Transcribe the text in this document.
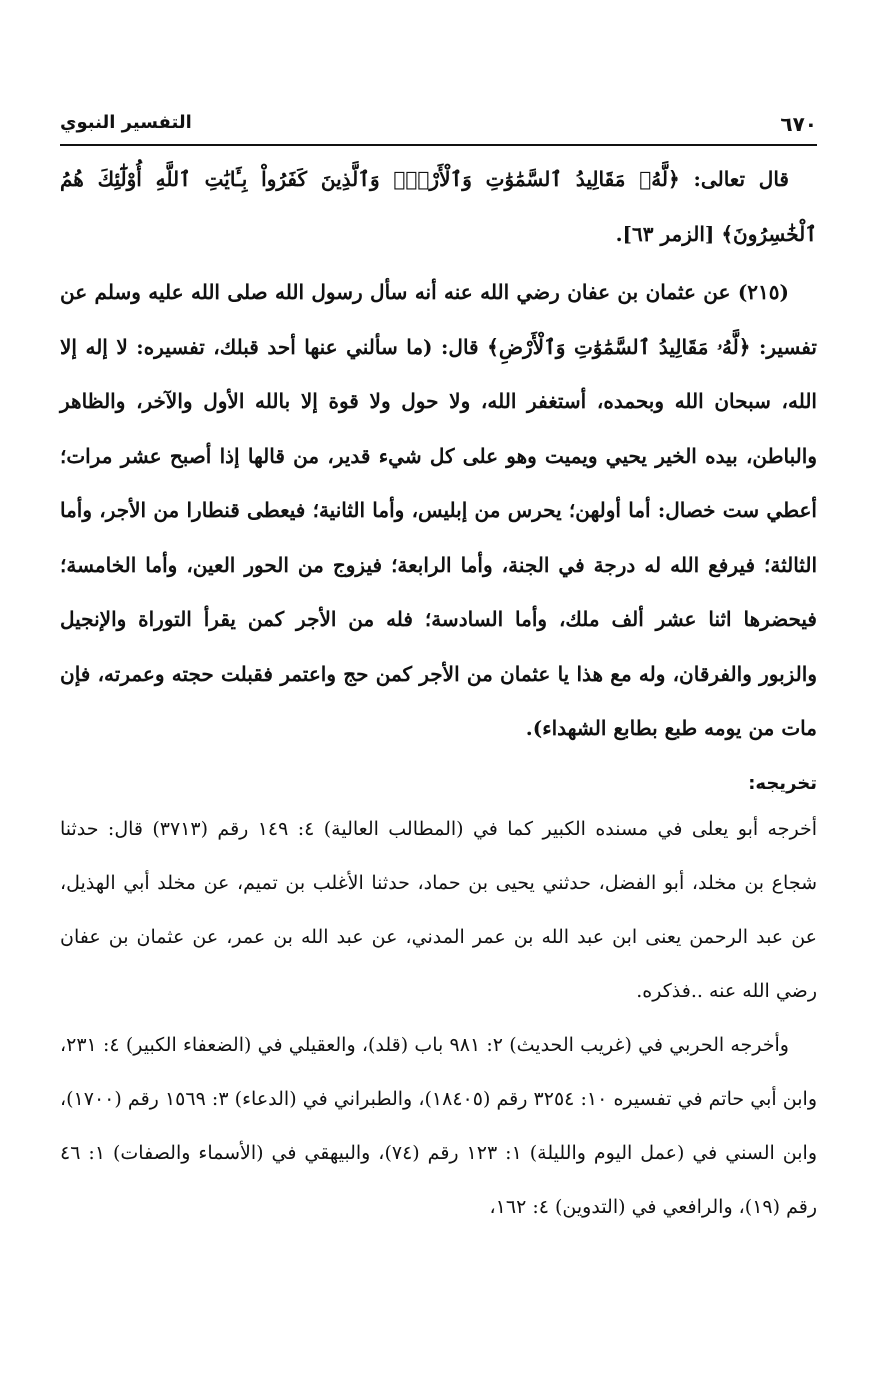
٦٧٠
التفسير النبوي

قال تعالى: ﴿لَّهُۥ مَقَالِيدُ ٱلسَّمَٰوَٰتِ وَٱلْأَرْضِۗ وَٱلَّذِينَ كَفَرُواْ بِـَٔايَٰتِ ٱللَّهِ أُوْلَٰٓئِكَ هُمُ ٱلْخَٰسِرُونَ﴾ [الزمر ٦٣].

(٢١٥) عن عثمان بن عفان رضي الله عنه أنه سأل رسول الله صلى الله عليه وسلم عن تفسير: ﴿لَّهُۥ مَقَالِيدُ ٱلسَّمَٰوَٰتِ وَٱلْأَرْضِ﴾ قال: (ما سألني عنها أحد قبلك، تفسيره: لا إله إلا الله، سبحان الله وبحمده، أستغفر الله، ولا حول ولا قوة إلا بالله الأول والآخر، والظاهر والباطن، بيده الخير يحيي ويميت وهو على كل شيء قدير، من قالها إذا أصبح عشر مرات؛ أعطي ست خصال: أما أولهن؛ يحرس من إبليس، وأما الثانية؛ فيعطى قنطارا من الأجر، وأما الثالثة؛ فيرفع الله له درجة في الجنة، وأما الرابعة؛ فيزوج من الحور العين، وأما الخامسة؛ فيحضرها اثنا عشر ألف ملك، وأما السادسة؛ فله من الأجر كمن يقرأ التوراة والإنجيل والزبور والفرقان، وله مع هذا يا عثمان من الأجر كمن حج واعتمر فقبلت حجته وعمرته، فإن مات من يومه طبع بطابع الشهداء).

تخريجه:

أخرجه أبو يعلى في مسنده الكبير كما في (المطالب العالية) ٤: ١٤٩ رقم (٣٧١٣) قال: حدثنا شجاع بن مخلد، أبو الفضل، حدثني يحيى بن حماد، حدثنا الأغلب بن تميم، عن مخلد أبي الهذيل، عن عبد الرحمن يعنى ابن عبد الله بن عمر المدني، عن عبد الله بن عمر، عن عثمان بن عفان رضي الله عنه ..فذكره.

وأخرجه الحربي في (غريب الحديث) ٢: ٩٨١ باب (قلد)، والعقيلي في (الضعفاء الكبير) ٤: ٢٣١، وابن أبي حاتم في تفسيره ١٠: ٣٢٥٤ رقم (١٨٤٠٥)، والطبراني في (الدعاء) ٣: ١٥٦٩ رقم (١٧٠٠)، وابن السني في (عمل اليوم والليلة) ١: ١٢٣ رقم (٧٤)، والبيهقي في (الأسماء والصفات) ١: ٤٦ رقم (١٩)، والرافعي في (التدوين) ٤: ١٦٢،
